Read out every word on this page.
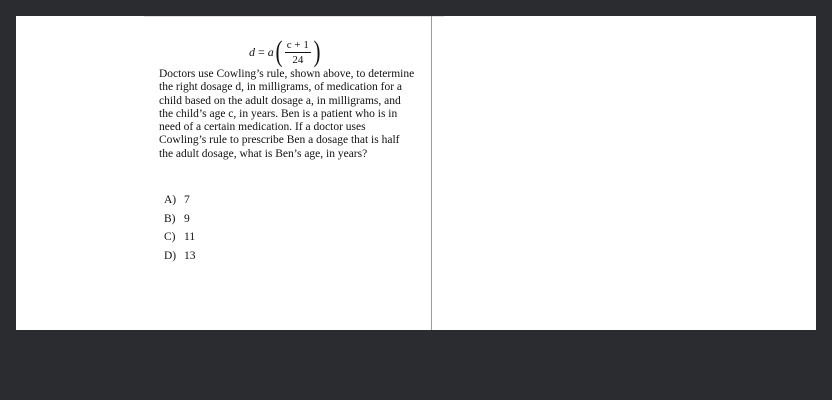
d = a ( $\frac{c + 1}{24}$ )

Doctors use Cowling’s rule, shown above, to determine the right dosage d, in milligrams, of medication for a child based on the adult dosage a, in milligrams, and the child’s age c, in years. Ben is a patient who is in need of a certain medication. If a doctor uses Cowling’s rule to prescribe Ben a dosage that is half the adult dosage, what is Ben’s age, in years?

A) 7
B) 9
C) 11
D) 13
